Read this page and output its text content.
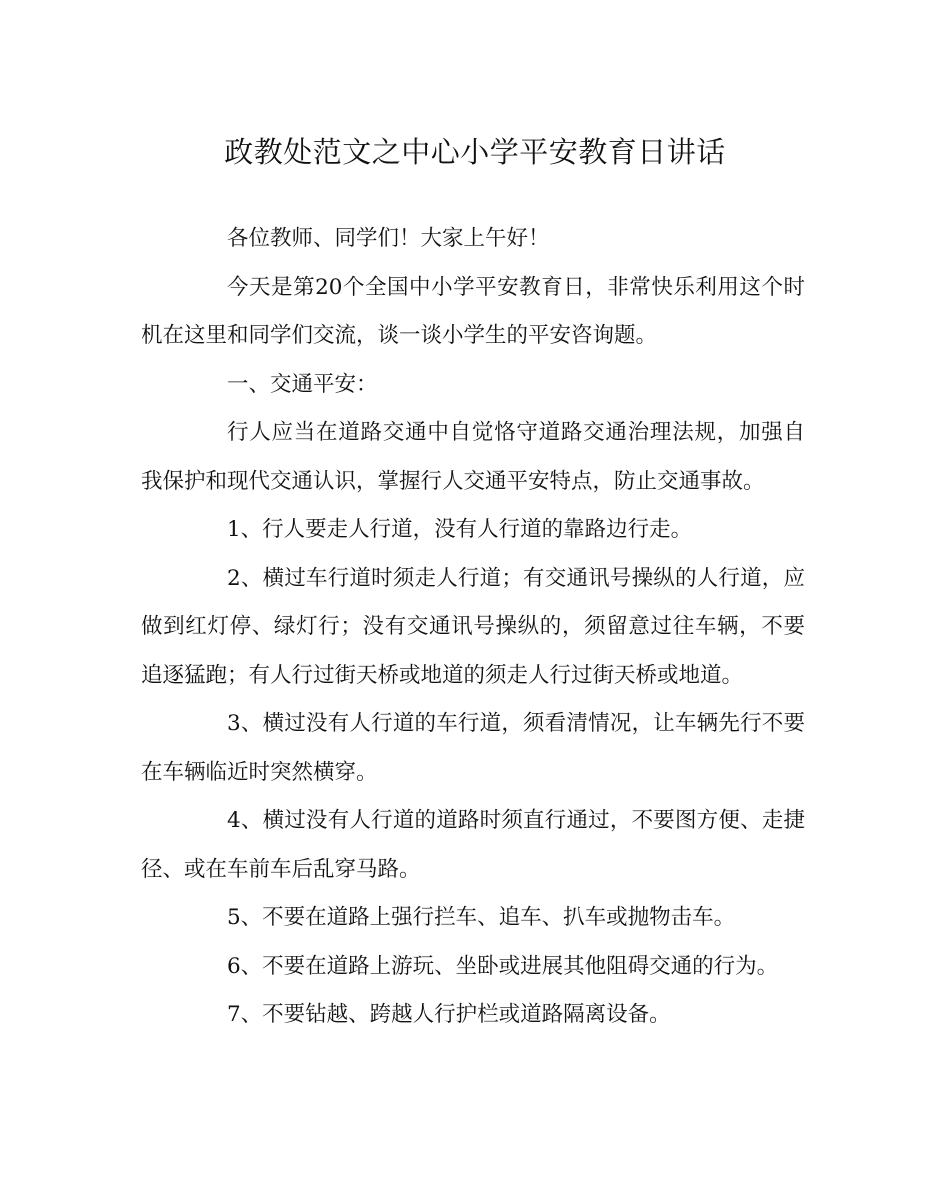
政教处范文之中心小学平安教育日讲话

各位教师、同学们！大家上午好！

今天是第20个全国中小学平安教育日，非常快乐利用这个时机在这里和同学们交流，谈一谈小学生的平安咨询题。

一、交通平安：

行人应当在道路交通中自觉恪守道路交通治理法规，加强自我保护和现代交通认识，掌握行人交通平安特点，防止交通事故。

1、行人要走人行道，没有人行道的靠路边行走。

2、横过车行道时须走人行道；有交通讯号操纵的人行道，应做到红灯停、绿灯行；没有交通讯号操纵的，须留意过往车辆，不要追逐猛跑；有人行过街天桥或地道的须走人行过街天桥或地道。

3、横过没有人行道的车行道，须看清情况，让车辆先行不要在车辆临近时突然横穿。

4、横过没有人行道的道路时须直行通过，不要图方便、走捷径、或在车前车后乱穿马路。

5、不要在道路上强行拦车、追车、扒车或抛物击车。

6、不要在道路上游玩、坐卧或进展其他阻碍交通的行为。

7、不要钻越、跨越人行护栏或道路隔离设备。
